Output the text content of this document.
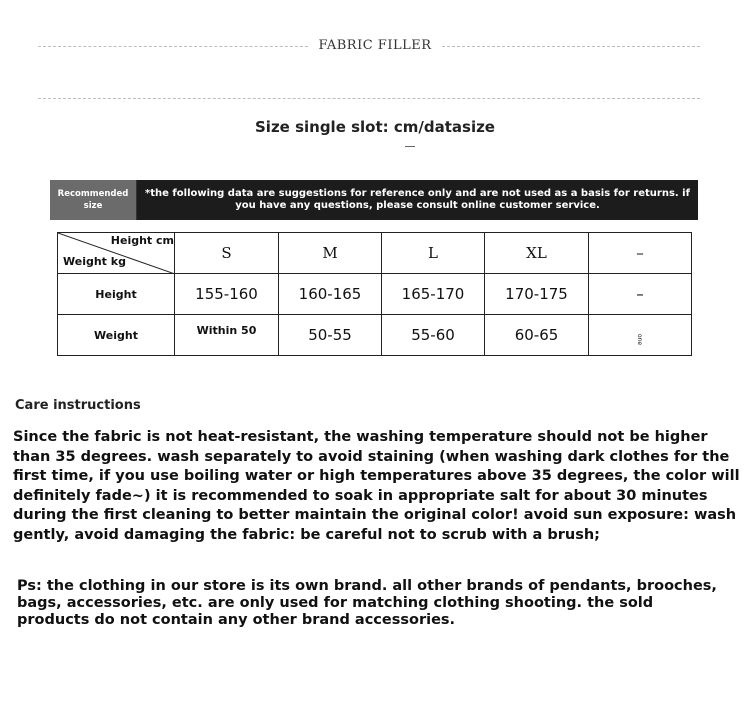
FABRIC FILLER
Size single slot: cm/datasize
Recommended size
*the following data are suggestions for reference only and are not used as a basis for returns. if you have any questions, please consult online customer service.
Height cm
Weight kg	S	M	L	XL	–
Height	155-160	160-165	165-170	170-175	–
Weight	Within 50	50-55	55-60	60-65	one
Care instructions
Since the fabric is not heat-resistant, the washing temperature should not be higher than 35 degrees. wash separately to avoid staining (when washing dark clothes for the first time, if you use boiling water or high temperatures above 35 degrees, the color will definitely fade~) it is recommended to soak in appropriate salt for about 30 minutes during the first cleaning to better maintain the original color! avoid sun exposure: wash gently, avoid damaging the fabric: be careful not to scrub with a brush;
Ps: the clothing in our store is its own brand. all other brands of pendants, brooches, bags, accessories, etc. are only used for matching clothing shooting. the sold products do not contain any other brand accessories.
